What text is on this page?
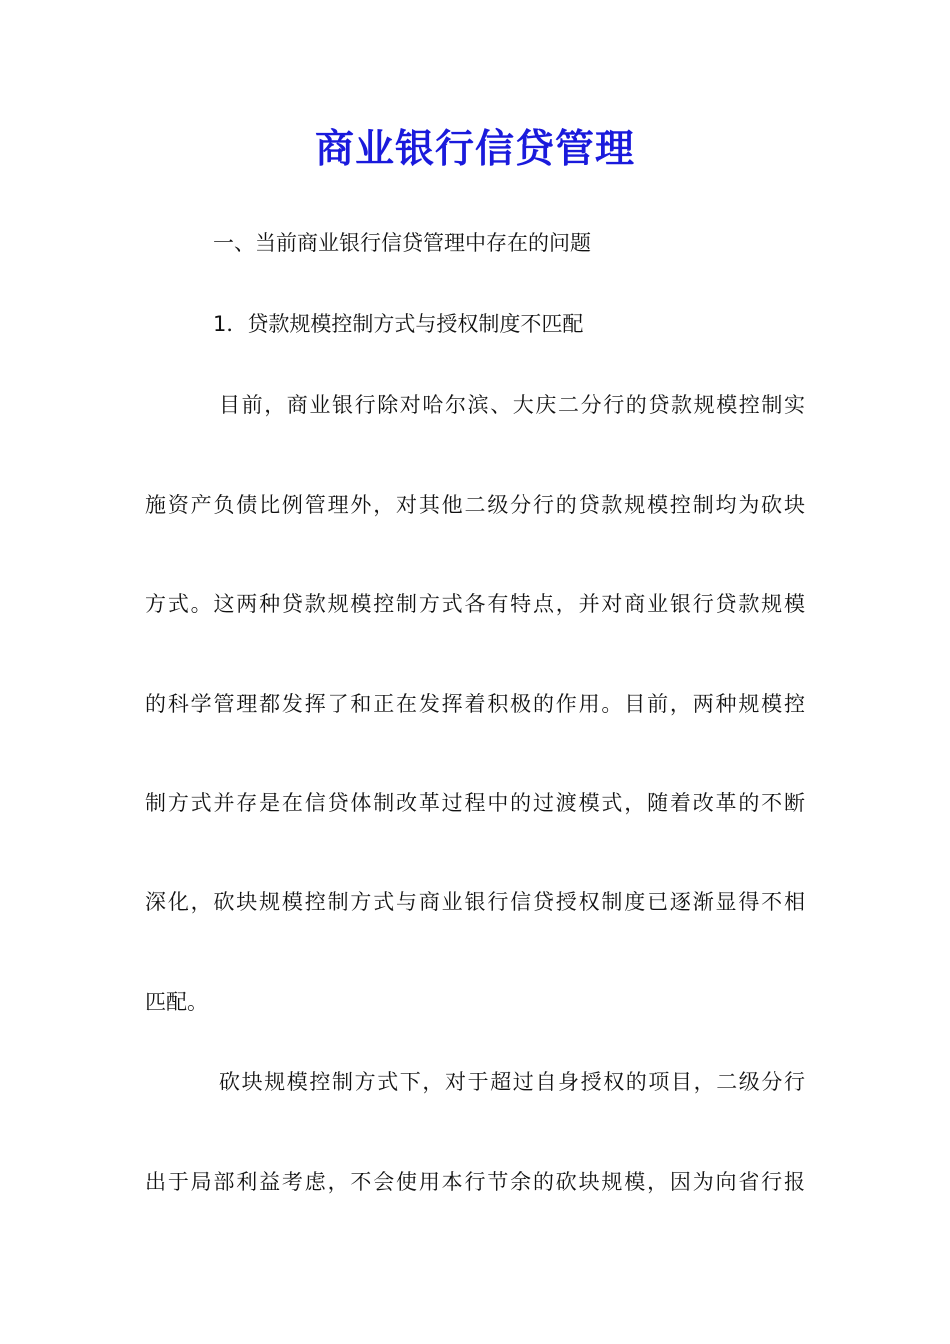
商业银行信贷管理
一、当前商业银行信贷管理中存在的问题
1．贷款规模控制方式与授权制度不匹配
目前，商业银行除对哈尔滨、大庆二分行的贷款规模控制实
施资产负债比例管理外，对其他二级分行的贷款规模控制均为砍块
方式。这两种贷款规模控制方式各有特点，并对商业银行贷款规模
的科学管理都发挥了和正在发挥着积极的作用。目前，两种规模控
制方式并存是在信贷体制改革过程中的过渡模式，随着改革的不断
深化，砍块规模控制方式与商业银行信贷授权制度已逐渐显得不相
匹配。
砍块规模控制方式下，对于超过自身授权的项目，二级分行
出于局部利益考虑，不会使用本行节余的砍块规模，因为向省行报
